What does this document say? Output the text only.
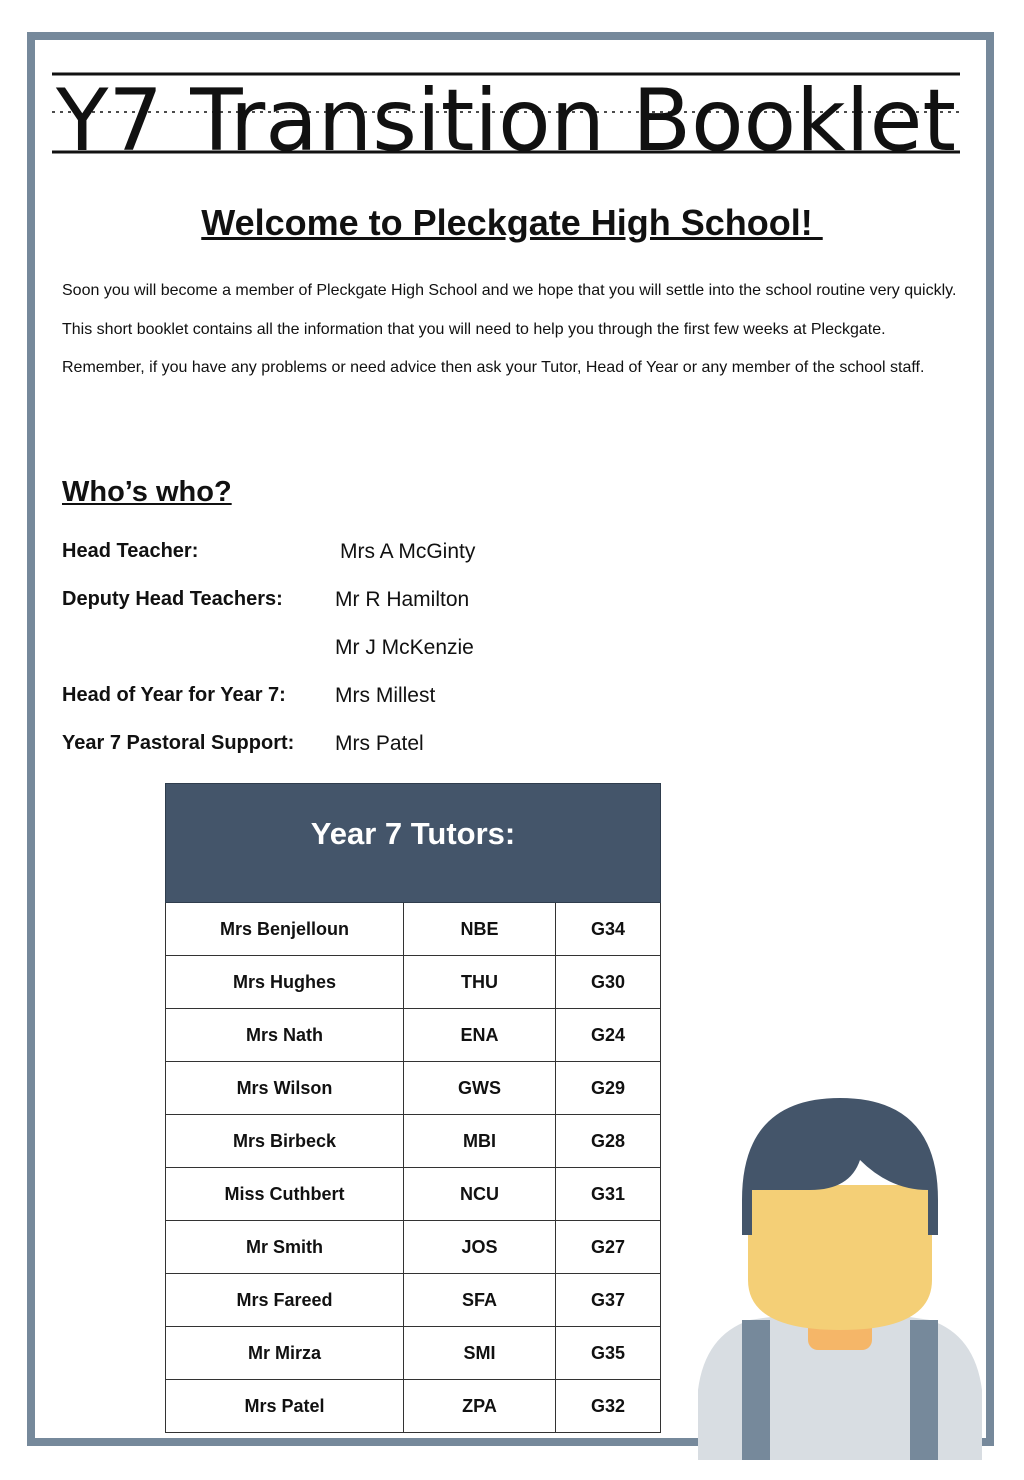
Y7 Transition Booklet
Welcome to Pleckgate High School!

Soon you will become a member of Pleckgate High School and we hope that you will settle into the school routine very quickly.

This short booklet contains all the information that you will need to help you through the first few weeks at Pleckgate.

Remember, if you have any problems or need advice then ask your Tutor, Head of Year or any member of the school staff.

Who’s who?
Head Teacher:	Mrs A McGinty
Deputy Head Teachers: Mr R Hamilton
Mr J McKenzie
Head of Year for Year 7: Mrs Millest
Year 7 Pastoral Support: Mrs Patel
Year 7 Tutors:		
Mrs Benjelloun	NBE	G34
Mrs Hughes	THU	G30
Mrs Nath	ENA	G24
Mrs Wilson	GWS	G29
Mrs Birbeck	MBI	G28
Miss Cuthbert	NCU	G31
Mr Smith	JOS	G27
Mrs Fareed	SFA	G37
Mr Mirza	SMI	G35
Mrs Patel	ZPA	G32
